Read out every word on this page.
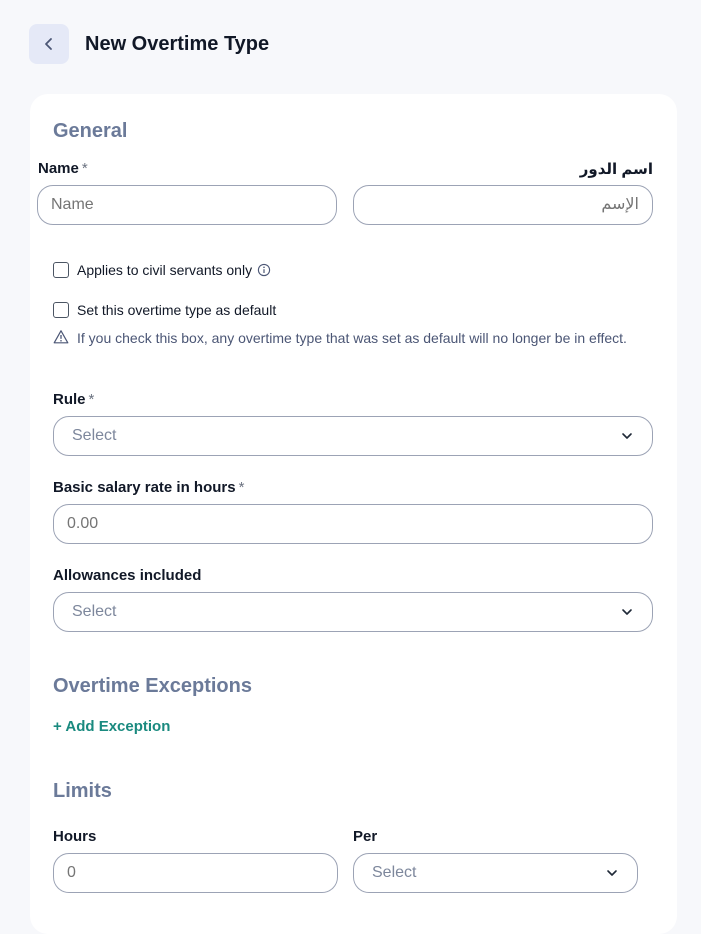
New Overtime Type
General
Name *
Name	اسم الدور
الإسم
Applies to civil servants only
Set this overtime type as default
If you check this box, any overtime type that was set as default will no longer be in effect.
Rule *
Select
Basic salary rate in hours *
0.00
Allowances included
Select
Overtime Exceptions
+ Add Exception
Limits
Hours
0	Per
Select
